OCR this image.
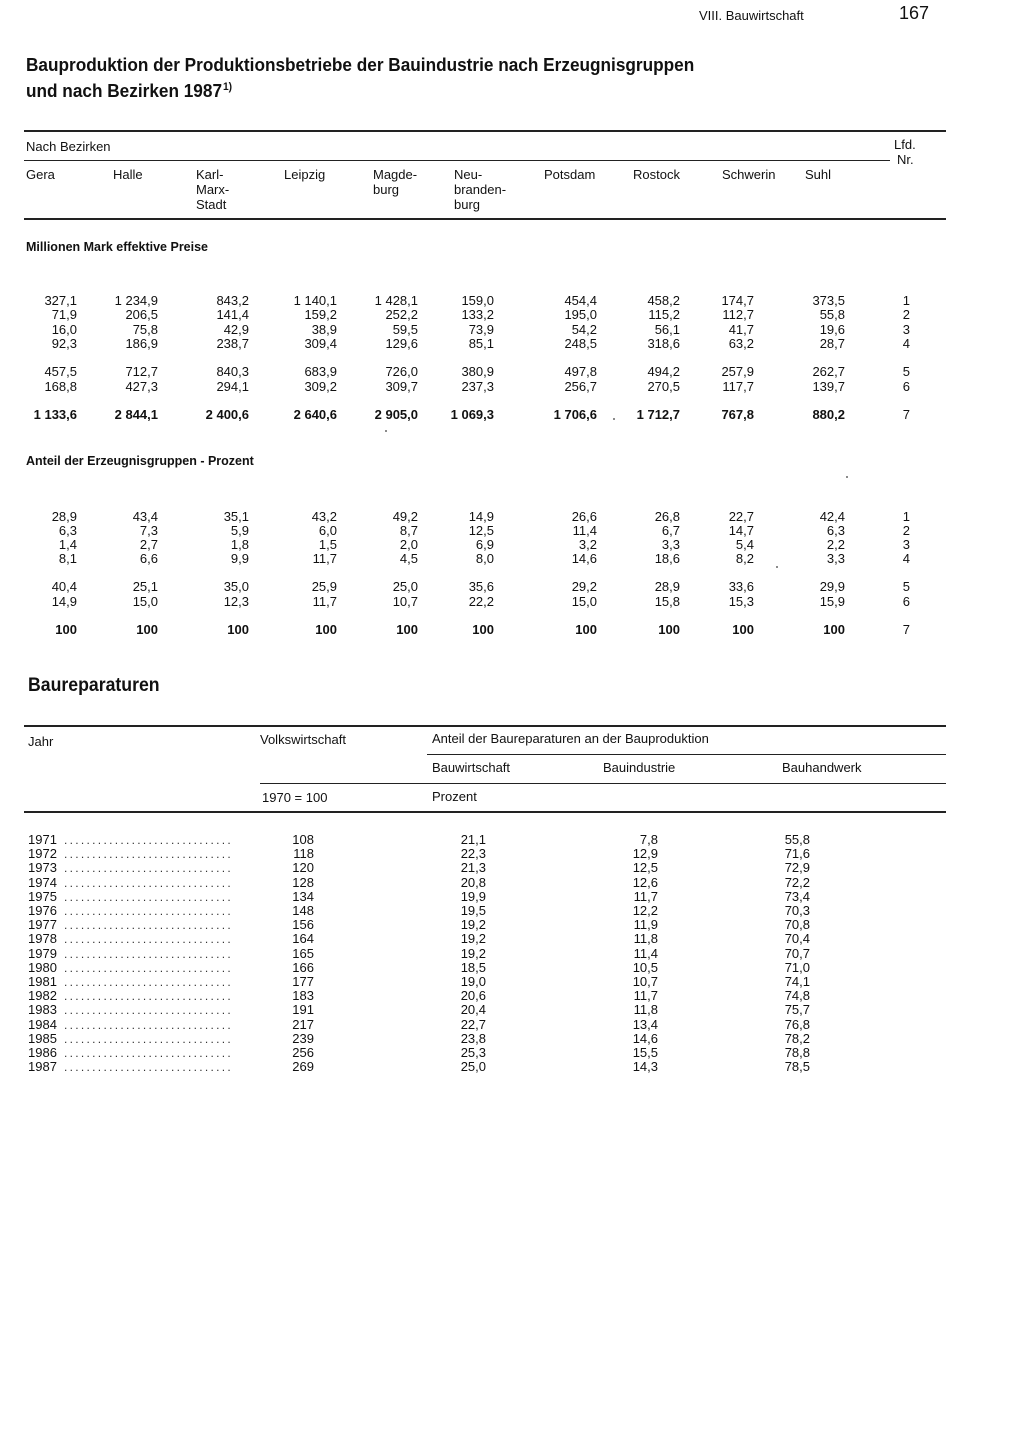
VIII. Bauwirtschaft	167
Bauproduktion der Produktionsbetriebe der Bauindustrie nach Erzeugnisgruppen
und nach Bezirken 1987$^{1)}$
Nach Bezirken	Lfd.
Nr.
Gera	Halle	Karl-
Marx-
Stadt
Leipzig	Magde-
burg
Neu-
branden-
burg
Potsdam	Rostock	Schwerin Suhl
Millionen Mark effektive Preise
Anteil der Erzeugnisgruppen - Prozent
327,1	1 234,9	843,2	1 140,1	1 428,1	159,0	454,4	458,2	174,7	373,5	1
71,9	206,5	141,4	159,2	252,2	133,2	195,0	115,2	112,7	55,8	2
16,0	75,8	42,9	38,9	59,5	73,9	54,2	56,1	41,7	19,6	3
92,3	186,9	238,7	309,4	129,6	85,1	248,5	318,6	63,2	28,7	4
457,5	712,7	840,3	683,9	726,0	380,9	497,8	494,2	257,9	262,7	5
168,8	427,3	294,1	309,2	309,7	237,3	256,7	270,5	117,7	139,7	6
1 133,6	2 844,1	2 400,6	2 640,6	2 905,0	1 069,3	1 706,6	1 712,7	767,8	880,2	7
28,9	43,4	35,1	43,2	49,2	14,9	26,6	26,8	22,7	42,4	1
6,3	7,3	5,9	6,0	8,7	12,5	11,4	6,7	14,7	6,3	2
1,4	2,7	1,8	1,5	2,0	6,9	3,2	3,3	5,4	2,2	3
8,1	6,6	9,9	11,7	4,5	8,0	14,6	18,6	8,2	3,3	4
40,4	25,1	35,0	25,9	25,0	35,6	29,2	28,9	33,6	29,9	5
14,9	15,0	12,3	11,7	10,7	22,2	15,0	15,8	15,3	15,9	6
100	100	100	100	100	100	100	100	100	100	7
Baureparaturen
Jahr	Volkswirtschaft	Anteil der Baureparaturen an der Bauproduktion
Bauwirtschaft	Bauindustrie	Bauhandwerk
1970 = 100	Prozent
1971 ..............................	108	21,1	7,8	55,8
1972 ..............................	118	22,3	12,9	71,6
1973 ..............................	120	21,3	12,5	72,9
1974 ..............................	128	20,8	12,6	72,2
1975 ..............................	134	19,9	11,7	73,4
1976 ..............................	148	19,5	12,2	70,3
1977 ..............................	156	19,2	11,9	70,8
1978 ..............................	164	19,2	11,8	70,4
1979 ..............................	165	19,2	11,4	70,7
1980 ..............................	166	18,5	10,5	71,0
1981 ..............................	177	19,0	10,7	74,1
1982 ..............................	183	20,6	11,7	74,8
1983 ..............................	191	20,4	11,8	75,7
1984 ..............................	217	22,7	13,4	76,8
1985 ..............................	239	23,8	14,6	78,2
1986 ..............................	256	25,3	15,5	78,8
1987 ..............................	269	25,0	14,3	78,5
